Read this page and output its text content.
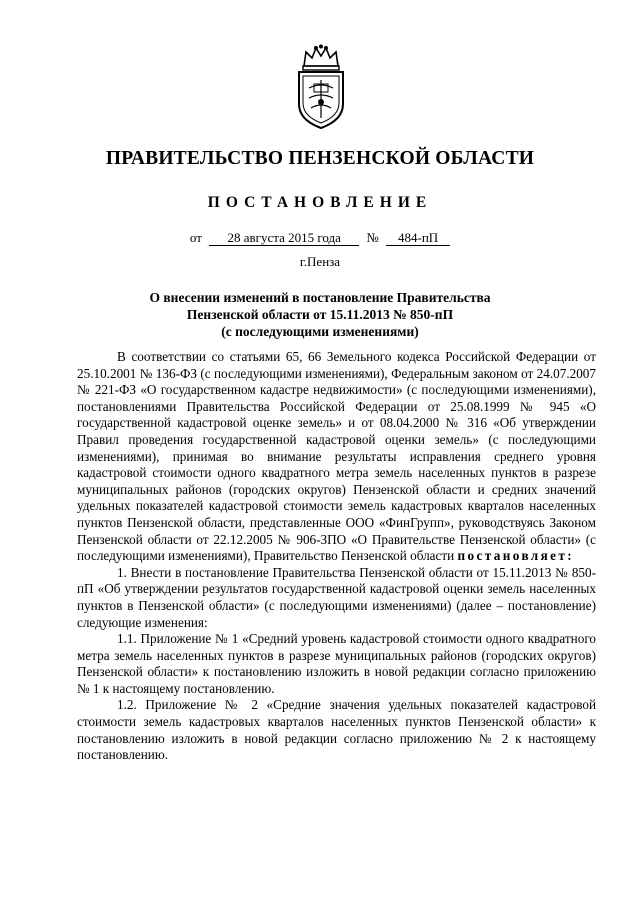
ПРАВИТЕЛЬСТВО ПЕНЗЕНСКОЙ ОБЛАСТИ
ПОСТАНОВЛЕНИЕ
от 28 августа 2015 года № 484-пП
г.Пенза
О внесении изменений в постановление Правительства
Пензенской области от 15.11.2013 № 850-пП
(с последующими изменениями)

В соответствии со статьями 65, 66 Земельного кодекса Российской Федерации от 25.10.2001 № 136-ФЗ (с последующими изменениями), Федеральным законом от 24.07.2007 № 221-ФЗ «О государственном кадастре недвижимости» (с последующими изменениями), постановлениями Правительства Российской Федерации от 25.08.1999 № 945 «О государственной кадастровой оценке земель» и от 08.04.2000 № 316 «Об утверждении Правил проведения государственной кадастровой оценки земель» (с последующими изменениями), принимая во внимание результаты исправления среднего уровня кадастровой стоимости одного квадратного метра земель населенных пунктов в разрезе муниципальных районов (городских округов) Пензенской области и средних значений удельных показателей кадастровой стоимости земель кадастровых кварталов населенных пунктов Пензенской области, представленные ООО «ФинГрупп», руководствуясь Законом Пензенской области от 22.12.2005 № 906-ЗПО «О Правительстве Пензенской области» (с последующими изменениями), Правительство Пензенской области постановляет:

1. Внести в постановление Правительства Пензенской области от 15.11.2013 № 850-пП «Об утверждении результатов государственной кадастровой оценки земель населенных пунктов в Пензенской области» (с последующими изменениями) (далее – постановление) следующие изменения:

1.1. Приложение № 1 «Средний уровень кадастровой стоимости одного квадратного метра земель населенных пунктов в разрезе муниципальных районов (городских округов) Пензенской области» к постановлению изложить в новой редакции согласно приложению № 1 к настоящему постановлению.

1.2. Приложение № 2 «Средние значения удельных показателей кадастровой стоимости земель кадастровых кварталов населенных пунктов Пензенской области» к постановлению изложить в новой редакции согласно приложению № 2 к настоящему постановлению.
